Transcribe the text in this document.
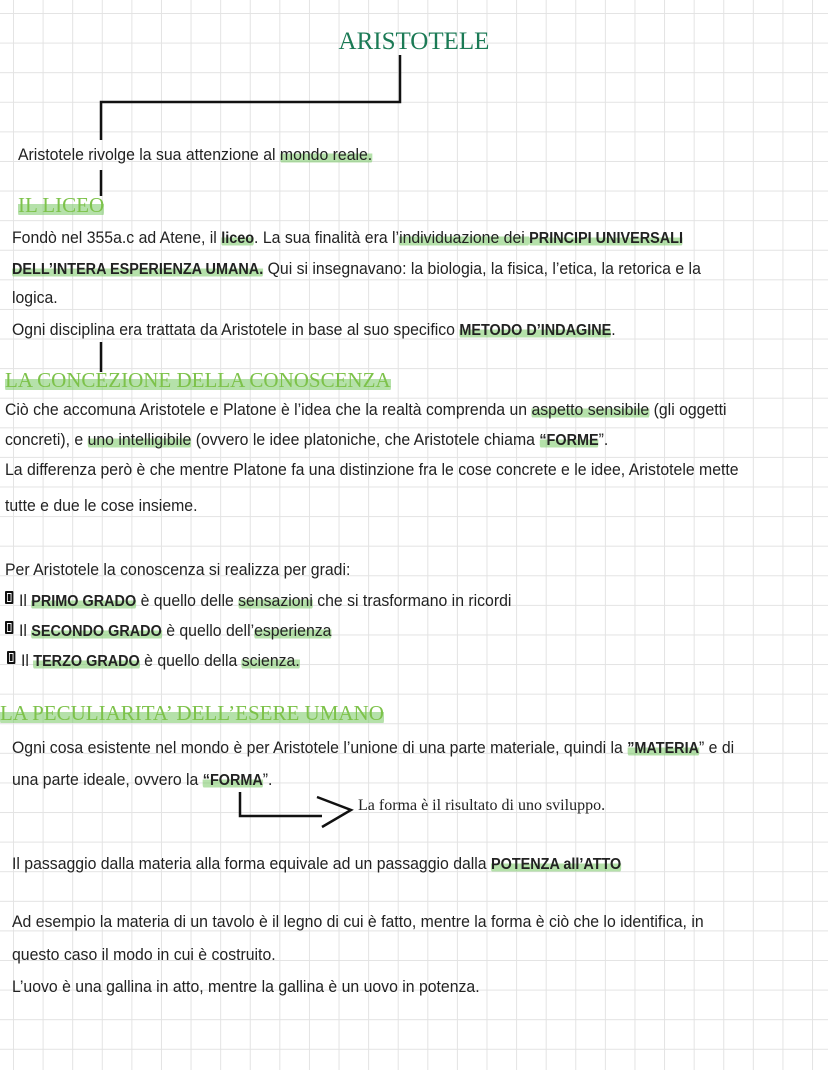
ARISTOTELE
IL LICEO
LA CONCEZIONE DELLA CONOSCENZA
LA PECULIARITA’ DELL’ESERE UMANO
Aristotele rivolge la sua attenzione al mondo reale.
Fondò nel 355a.c ad Atene, il liceo. La sua finalità era l’individuazione dei PRINCIPI UNIVERSALI
DELL’INTERA ESPERIENZA UMANA. Qui si insegnavano: la biologia, la fisica, l’etica, la retorica e la
logica.
Ogni disciplina era trattata da Aristotele in base al suo specifico METODO D’INDAGINE.
Ciò che accomuna Aristotele e Platone è l’idea che la realtà comprenda un aspetto sensibile (gli oggetti
concreti), e uno intelligibile (ovvero le idee platoniche, che Aristotele chiama “FORME”.
La differenza però è che mentre Platone fa una distinzione fra le cose concrete e le idee, Aristotele mette
tutte e due le cose insieme.
Per Aristotele la conoscenza si realizza per gradi:
Il PRIMO GRADO è quello delle sensazioni che si trasformano in ricordi
Il SECONDO GRADO è quello dell’esperienza
Il TERZO GRADO è quello della scienza.
Ogni cosa esistente nel mondo è per Aristotele l’unione di una parte materiale, quindi la ”MATERIA” e di
una parte ideale, ovvero la “FORMA”.
Il passaggio dalla materia alla forma equivale ad un passaggio dalla POTENZA all’ATTO
Ad esempio la materia di un tavolo è il legno di cui è fatto, mentre la forma è ciò che lo identifica, in
questo caso il modo in cui è costruito.
L’uovo è una gallina in atto, mentre la gallina è un uovo in potenza.
La forma è il risultato di uno sviluppo.
